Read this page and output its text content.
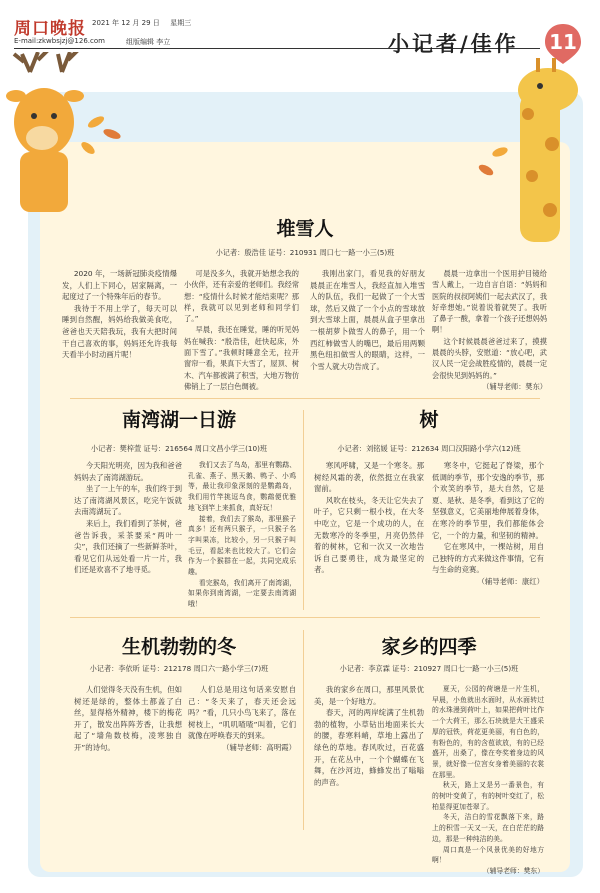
周口晚报 2021 年 12 月 29 日 星期三
E-mail:zkwbsjzj@126.com	组版编辑 李立	小记者/佳作	11
堆雪人
小记者：殷浩佳 证号：210931 周口七一路一小三(5)班

2020 年，一场新冠肺炎疫情爆发，人们上下同心，居家隔离，一起度过了一个特殊年后的春节。

我待于不用上学了，每天可以睡到自然醒，妈妈给我做美食吃，爸爸也天天陪我玩，我有大把时间干自己喜欢的事，妈妈还允许我每天看半小时动画片呢！

可是没多久，我就开始想念我的小伙伴，还有亲爱的老师们。我经常想：“疫情什么时候才能结束呢？那样，我就可以见到老师和同学们了。”

早晨，我还在睡觉，睡的听见妈妈在喊我：“殷浩佳，赶快起床，外面下雪了。”我顿时睡意全无，拉开窗帘一看，果真下大雪了，屋顶、树木、汽车都被满了积雪，大地万物仿佛销上了一层白色绸被。

我刚出家门，看见我的好朋友晨晨正在堆雪人，我经直加入堆雪人的队伍，我们一起做了一个大雪球，然后又做了一个小点的雪球放到大雪球上面，晨晨从盒子里拿出一根胡萝卜做雪人的鼻子，用一个西红柿做雪人的嘴巴，最后用两颗黑色纽扣做雪人的眼睛，这样，一个雪人就大功告成了。

晨晨一边拿出一个医用护目镜给雪人戴上，一边自言自语：“妈妈和医院的叔叔阿姨们一起去武汉了，我好牵想她。”说着说着就哭了。我听了鼻子一酸，拿着一个孩子还想妈妈啊！

这个时候晨晨爸爸过来了，摸摸晨晨的头脖，安慰道：“放心吧，武汉人民一定会战胜疫情的，晨晨一定会很快见到妈妈的。”

（辅导老师：樊东）

南湾湖一日游
小记者：樊梓萱 证号：216564 周口文昌小学三(10)班

今天阳光明亮，因为我和爸爸妈妈去了南湾湖游玩。

坐了一上午的车，我们终于到达了南湾湖风景区，吃完午饭就去南湾湖玩了。

来后上，我们看到了茶树，爸爸告诉我，采茶要采“两叶一尖”，我们还摘了一些新鲜茶叶，看见它们从远处看一片一片，我们还是欢喜不了地寻觅。

我们又去了鸟岛，那里有鹦鹉、孔雀、燕子、黑天鹅、鸭子、小鸡等，最让我印象深刻的是鹦鹉岛，我们用竹竿挑逗鸟食，鹦鹉便优雅地飞到竿上来抓食，真好玩！

接着，我们去了猴岛，那里猴子真多！还有两只猴子，一只猴子名字叫果冻，比较小，另一只猴子叫毛豆，看起来也比较大了。它们会作为一个猴群在一起，共同完成乐趣。

看完猴岛，我们离开了南湾湖，如果你到南湾湖，一定要去南湾湖哦！

树
小记者：刘铭媛 证号：212634 周口汉阳路小学六(12)班

寒风呼啸，又是一个寒冬。那树经风霜的袭，依然挺立在我家窗前。

风吹在枝头，冬天让它失去了叶子，它只剩一根小枝，在大冬中吃立，它是一个成功的人，在无数寒冷的冬季里，月亮仍然伴着的树林，它和一次又一次地告诉自己要勇往，成为最坚定的者。

寒冬中，它挺起了脊梁，那个低调的季节，那个安逸的季节，那个欢笑的季节，是大自然，它是夏、是秋、是冬季，看到这了它的坚强意义，它美丽地伸展着身体，在寒冷的季节里，我们都能体会它，一个的力量，和坚韧的精神。

它在寒风中，一棵站树，用自己独特的方式来做这件事情，它有与生命的竞赛。

（辅导老师：康红）

生机勃勃的冬
小记者：李依昕 证号：212178 周口六一路小学三(7)班

人们觉得冬天没有生机，但如树还是绿的，整体土都盖了白丝，显得格外精神，楼下的梅花开了，散发出阵阵芳香，让我想起了“墙角数枝梅，凌寒独自开”的诗句。

人们总是用这句话来安慰自己：“冬天来了，春天还会远吗？”看，几只小鸟飞来了，落在树枝上，“叽叽喳喳”叫着，它们就像在呼唤春天的到来。

（辅导老师：高明霞）

家乡的四季
小记者：李京霖 证号：210927 周口七一路一小三(5)班

我的家乡在周口，那里风景优美，是一个好地方。

春天，河的两岸绽满了生机勃勃的植物，小草钻出地面来长大的腰，春寒料峭，草地上露出了绿色的草地。春风吹过，百花盛开，在花丛中，一个个蝴蝶在飞舞，在沙河边，蜂蜂发出了嗡嗡的声音。

夏天，公园的荷塘是一片生机，早晨，小鱼就出水面时，从水面转过的水珠漫到荷叶上，如果把荷叶比作一个大荷王，那么石块就是大王盛采厚的冠铁，荷花更美丽，有白色的，有粉色的，有的含苞欲放，有的已经盛开，出桑了，像在夸奖着身边的风景，就好像一位宫女身着美丽的衣裳在那里。

秋天，路上又是另一番景色，有的树叶变黄了，有的树叶变红了，松柏显得更加苍翠了。

冬天，洁白的雪花飘落下来，路上的积雪一天又一天，在白茫茫的路边，那是一种纯洁的美。

周口真是一个风景优美的好地方啊！

（辅导老师：樊东）
